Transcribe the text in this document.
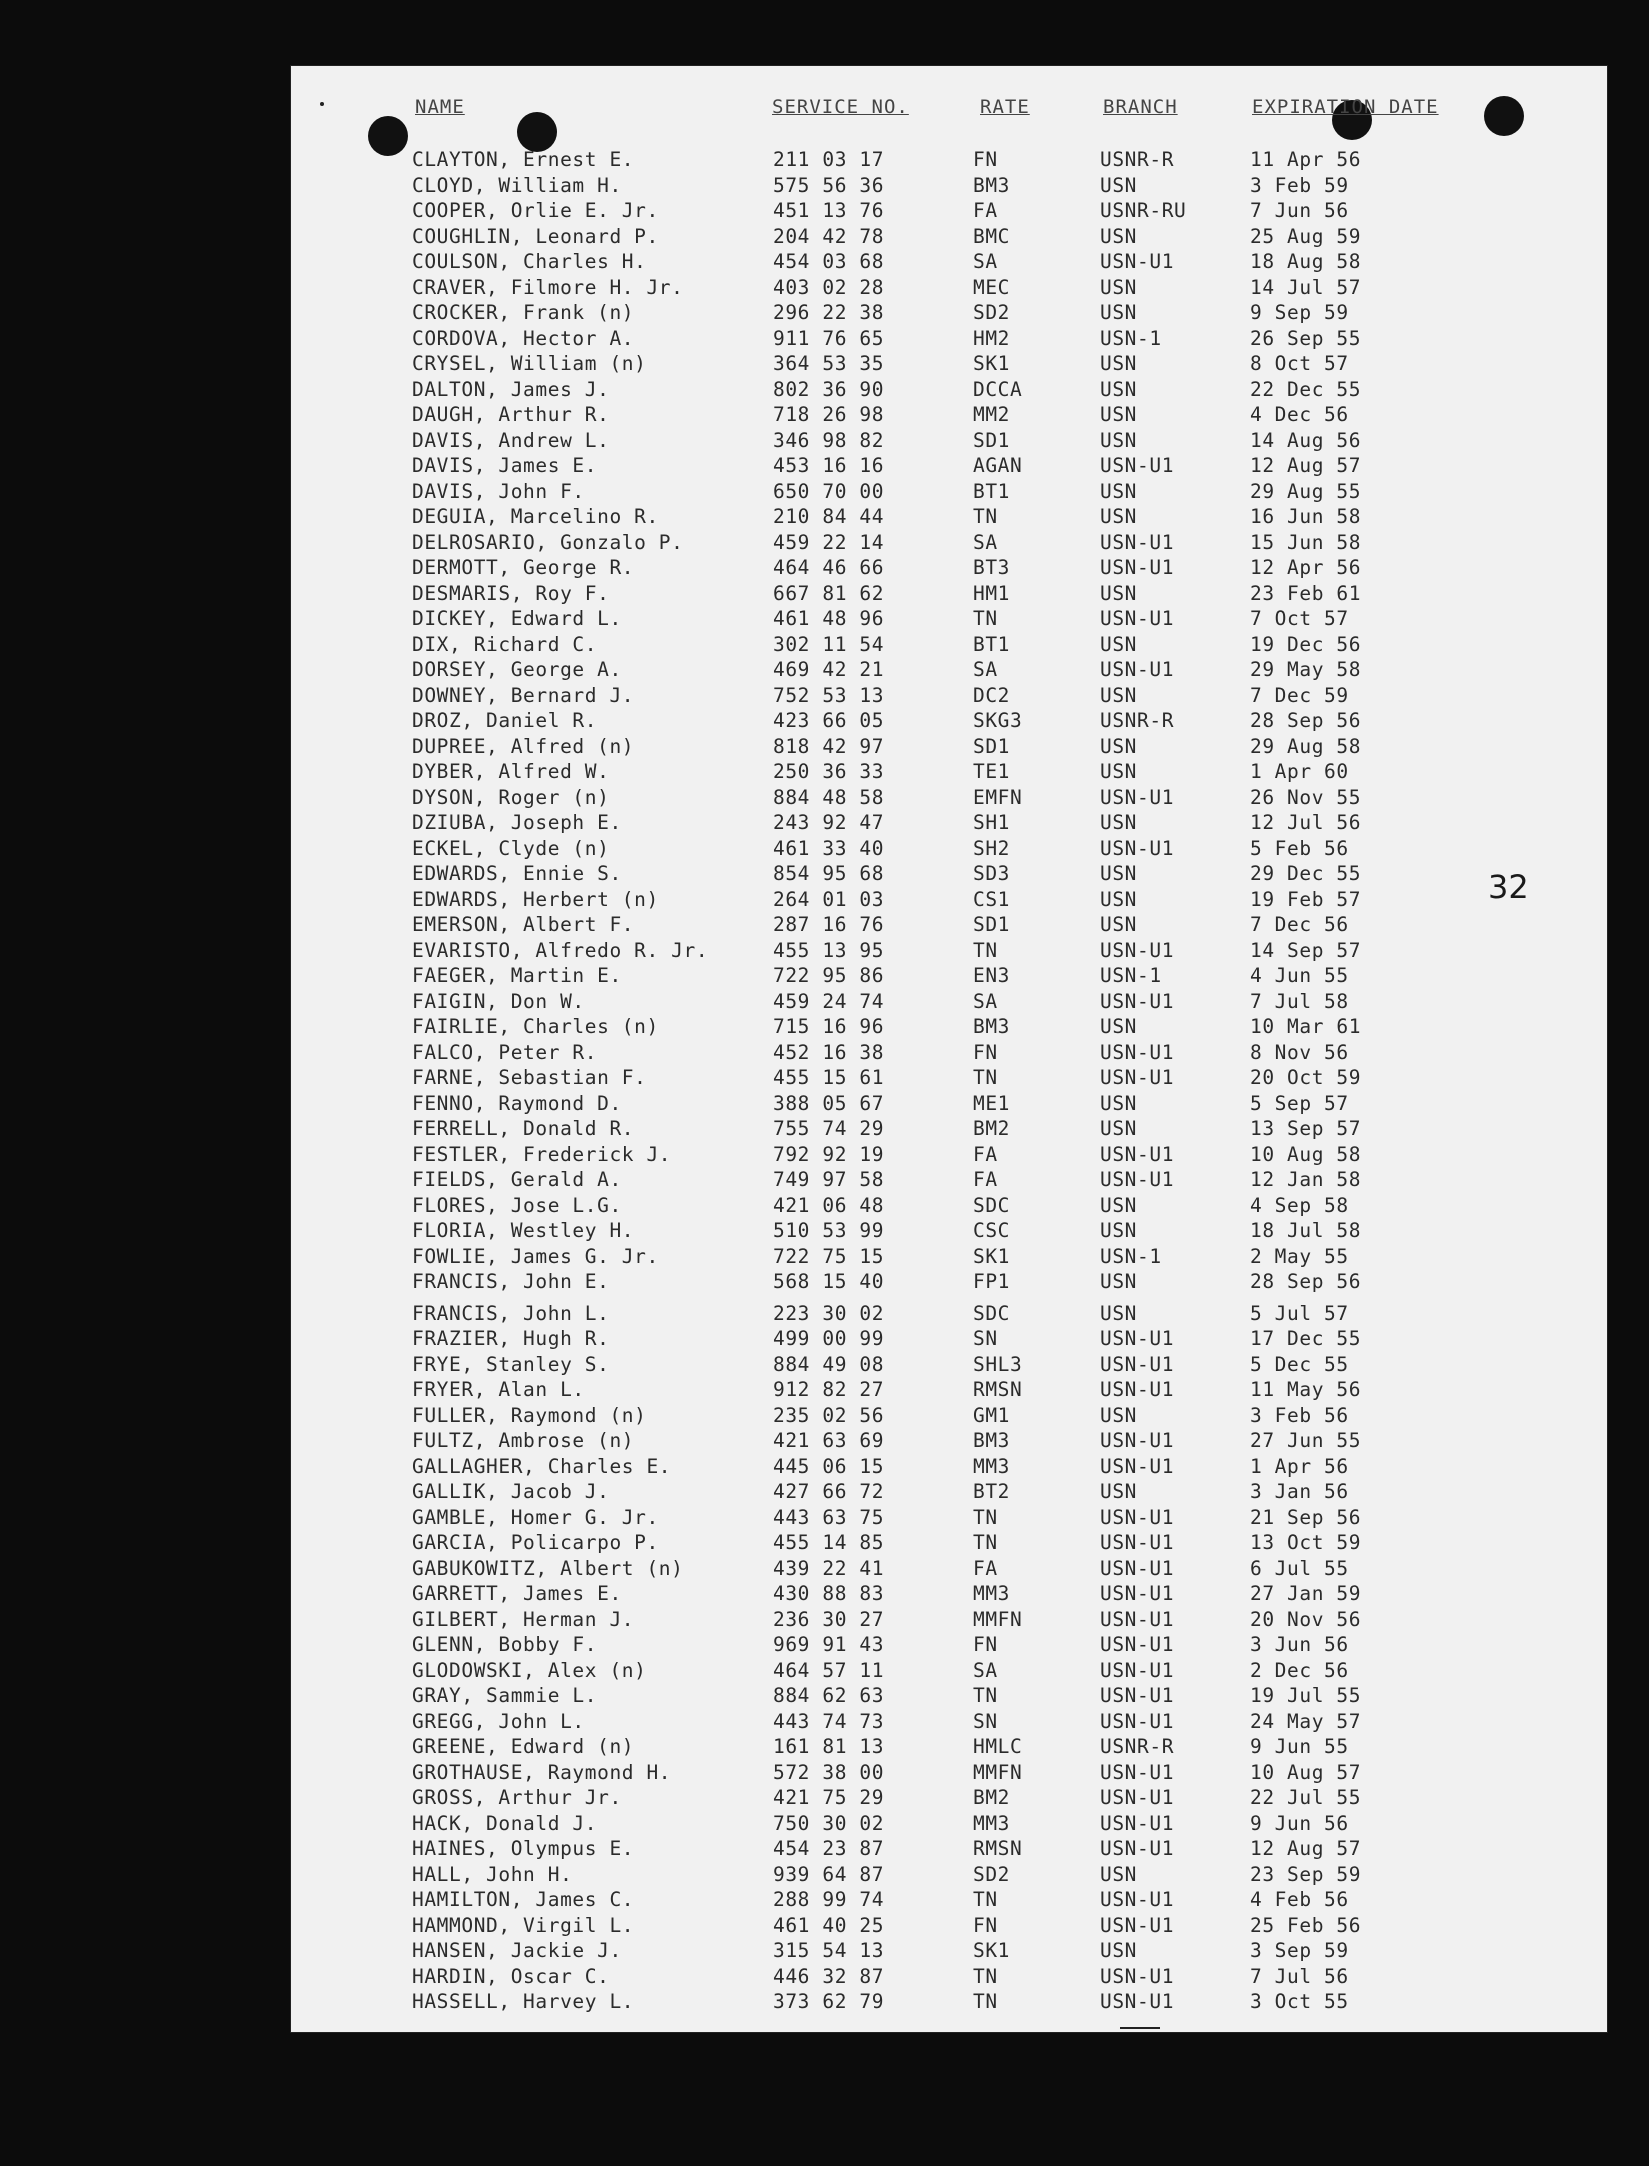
NAME	SERVICE NO.	RATE	BRANCH	EXPIRATION DATE
32
CLAYTON, Ernest E.	211 03 17	FN	USNR-R	11 Apr 56
CLOYD, William H.	575 56 36	BM3	USN	3 Feb 59
COOPER, Orlie E. Jr.	451 13 76	FA	USNR-RU	7 Jun 56
COUGHLIN, Leonard P.	204 42 78	BMC	USN	25 Aug 59
COULSON, Charles H.	454 03 68	SA	USN-U1	18 Aug 58
CRAVER, Filmore H. Jr.	403 02 28	MEC	USN	14 Jul 57
CROCKER, Frank (n)	296 22 38	SD2	USN	9 Sep 59
CORDOVA, Hector A.	911 76 65	HM2	USN-1	26 Sep 55
CRYSEL, William (n)	364 53 35	SK1	USN	8 Oct 57
DALTON, James J.	802 36 90	DCCA	USN	22 Dec 55
DAUGH, Arthur R.	718 26 98	MM2	USN	4 Dec 56
DAVIS, Andrew L.	346 98 82	SD1	USN	14 Aug 56
DAVIS, James E.	453 16 16	AGAN	USN-U1	12 Aug 57
DAVIS, John F.	650 70 00	BT1	USN	29 Aug 55
DEGUIA, Marcelino R.	210 84 44	TN	USN	16 Jun 58
DELROSARIO, Gonzalo P.	459 22 14	SA	USN-U1	15 Jun 58
DERMOTT, George R.	464 46 66	BT3	USN-U1	12 Apr 56
DESMARIS, Roy F.	667 81 62	HM1	USN	23 Feb 61
DICKEY, Edward L.	461 48 96	TN	USN-U1	7 Oct 57
DIX, Richard C.	302 11 54	BT1	USN	19 Dec 56
DORSEY, George A.	469 42 21	SA	USN-U1	29 May 58
DOWNEY, Bernard J.	752 53 13	DC2	USN	7 Dec 59
DROZ, Daniel R.	423 66 05	SKG3	USNR-R	28 Sep 56
DUPREE, Alfred (n)	818 42 97	SD1	USN	29 Aug 58
DYBER, Alfred W.	250 36 33	TE1	USN	1 Apr 60
DYSON, Roger (n)	884 48 58	EMFN	USN-U1	26 Nov 55
DZIUBA, Joseph E.	243 92 47	SH1	USN	12 Jul 56
ECKEL, Clyde (n)	461 33 40	SH2	USN-U1	5 Feb 56
EDWARDS, Ennie S.	854 95 68	SD3	USN	29 Dec 55
EDWARDS, Herbert (n)	264 01 03	CS1	USN	19 Feb 57
EMERSON, Albert F.	287 16 76	SD1	USN	7 Dec 56
EVARISTO, Alfredo R. Jr.	455 13 95	TN	USN-U1	14 Sep 57
FAEGER, Martin E.	722 95 86	EN3	USN-1	4 Jun 55
FAIGIN, Don W.	459 24 74	SA	USN-U1	7 Jul 58
FAIRLIE, Charles (n)	715 16 96	BM3	USN	10 Mar 61
FALCO, Peter R.	452 16 38	FN	USN-U1	8 Nov 56
FARNE, Sebastian F.	455 15 61	TN	USN-U1	20 Oct 59
FENNO, Raymond D.	388 05 67	ME1	USN	5 Sep 57
FERRELL, Donald R.	755 74 29	BM2	USN	13 Sep 57
FESTLER, Frederick J.	792 92 19	FA	USN-U1	10 Aug 58
FIELDS, Gerald A.	749 97 58	FA	USN-U1	12 Jan 58
FLORES, Jose L.G.	421 06 48	SDC	USN	4 Sep 58
FLORIA, Westley H.	510 53 99	CSC	USN	18 Jul 58
FOWLIE, James G. Jr.	722 75 15	SK1	USN-1	2 May 55
FRANCIS, John E.	568 15 40	FP1	USN	28 Sep 56
FRANCIS, John L.	223 30 02	SDC	USN	5 Jul 57
FRAZIER, Hugh R.	499 00 99	SN	USN-U1	17 Dec 55
FRYE, Stanley S.	884 49 08	SHL3	USN-U1	5 Dec 55
FRYER, Alan L.	912 82 27	RMSN	USN-U1	11 May 56
FULLER, Raymond (n)	235 02 56	GM1	USN	3 Feb 56
FULTZ, Ambrose (n)	421 63 69	BM3	USN-U1	27 Jun 55
GALLAGHER, Charles E.	445 06 15	MM3	USN-U1	1 Apr 56
GALLIK, Jacob J.	427 66 72	BT2	USN	3 Jan 56
GAMBLE, Homer G. Jr.	443 63 75	TN	USN-U1	21 Sep 56
GARCIA, Policarpo P.	455 14 85	TN	USN-U1	13 Oct 59
GABUKOWITZ, Albert (n)	439 22 41	FA	USN-U1	6 Jul 55
GARRETT, James E.	430 88 83	MM3	USN-U1	27 Jan 59
GILBERT, Herman J.	236 30 27	MMFN	USN-U1	20 Nov 56
GLENN, Bobby F.	969 91 43	FN	USN-U1	3 Jun 56
GLODOWSKI, Alex (n)	464 57 11	SA	USN-U1	2 Dec 56
GRAY, Sammie L.	884 62 63	TN	USN-U1	19 Jul 55
GREGG, John L.	443 74 73	SN	USN-U1	24 May 57
GREENE, Edward (n)	161 81 13	HMLC	USNR-R	9 Jun 55
GROTHAUSE, Raymond H.	572 38 00	MMFN	USN-U1	10 Aug 57
GROSS, Arthur Jr.	421 75 29	BM2	USN-U1	22 Jul 55
HACK, Donald J.	750 30 02	MM3	USN-U1	9 Jun 56
HAINES, Olympus E.	454 23 87	RMSN	USN-U1	12 Aug 57
HALL, John H.	939 64 87	SD2	USN	23 Sep 59
HAMILTON, James C.	288 99 74	TN	USN-U1	4 Feb 56
HAMMOND, Virgil L.	461 40 25	FN	USN-U1	25 Feb 56
HANSEN, Jackie J.	315 54 13	SK1	USN	3 Sep 59
HARDIN, Oscar C.	446 32 87	TN	USN-U1	7 Jul 56
HASSELL, Harvey L.	373 62 79	TN	USN-U1	3 Oct 55
